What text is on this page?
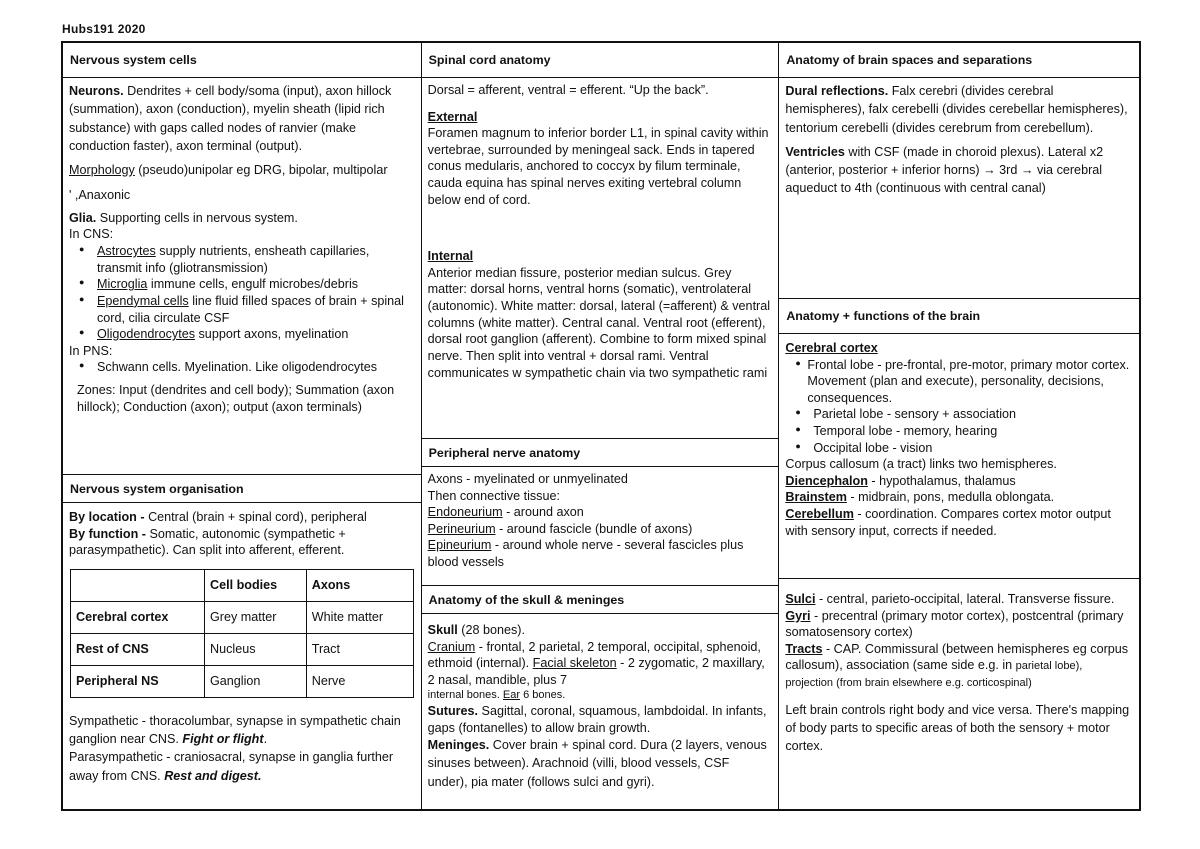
Hubs191 2020
Nervous system cells

Neurons. Dendrites + cell body/soma (input), axon hillock (summation), axon (conduction), myelin sheath (lipid rich substance) with gaps called nodes of ranvier (make conduction faster), axon terminal (output).

Morphology (pseudo)unipolar eg DRG, bipolar, multipolar

' ,Anaxonic

Glia. Supporting cells in nervous system.

In CNS:

● Astrocytes supply nutrients, ensheath capillaries, transmit info (gliotransmission)
● Microglia immune cells, engulf microbes/debris
● Ependymal cells line fluid filled spaces of brain + spinal cord, cilia circulate CSF
● Oligodendrocytes support axons, myelination

In PNS:

● Schwann cells. Myelination. Like oligodendrocytes

Zones: Input (dendrites and cell body); Summation (axon hillock); Conduction (axon); output (axon terminals)

Nervous system organisation

By location - Central (brain + spinal cord), peripheral

By function - Somatic, autonomic (sympathetic + parasympathetic). Can split into afferent, efferent.

	Cell bodies	Axons
Cerebral cortex	Grey matter	White matter
Rest of CNS	Nucleus	Tract
Peripheral NS	Ganglion	Nerve

Sympathetic - thoracolumbar, synapse in sympathetic chain ganglion near CNS. Fight or flight.

Parasympathetic - craniosacral, synapse in ganglia further away from CNS. Rest and digest.

Spinal cord anatomy

Dorsal = afferent, ventral = efferent. “Up the back”.

External

Foramen magnum to inferior border L1, in spinal cavity within vertebrae, surrounded by meningeal sack. Ends in tapered conus medularis, anchored to coccyx by filum terminale, cauda equina has spinal nerves exiting vertebral column below end of cord.

Internal

Anterior median fissure, posterior median sulcus. Grey matter: dorsal horns, ventral horns (somatic), ventrolateral (autonomic). White matter: dorsal, lateral (=afferent) & ventral columns (white matter). Central canal. Ventral root (efferent), dorsal root ganglion (afferent). Combine to form mixed spinal nerve. Then split into ventral + dorsal rami. Ventral communicates w sympathetic chain via two sympathetic rami

Peripheral nerve anatomy

Axons - myelinated or unmyelinated

Then connective tissue:

Endoneurium - around axon

Perineurium - around fascicle (bundle of axons)

Epineurium - around whole nerve - several fascicles plus blood vessels

Anatomy of the skull & meninges

Skull (28 bones).

Cranium - frontal, 2 parietal, 2 temporal, occipital, sphenoid, ethmoid (internal). Facial skeleton - 2 zygomatic, 2 maxillary, 2 nasal, mandible, plus 7

internal bones. Ear 6 bones.

Sutures. Sagittal, coronal, squamous, lambdoidal. In infants, gaps (fontanelles) to allow brain growth.

Meninges. Cover brain + spinal cord. Dura (2 layers, venous sinuses between). Arachnoid (villi, blood vessels, CSF under), pia mater (follows sulci and gyri).

Anatomy of brain spaces and separations

Dural reflections. Falx cerebri (divides cerebral hemispheres), falx cerebelli (divides cerebellar hemispheres), tentorium cerebelli (divides cerebrum from cerebellum).

Ventricles with CSF (made in choroid plexus). Lateral x2 (anterior, posterior + inferior horns) → 3rd → via cerebral aqueduct to 4th (continuous with central canal)

Anatomy + functions of the brain

Cerebral cortex

● Frontal lobe - pre-frontal, pre-motor, primary motor cortex. Movement (plan and execute), personality, decisions, consequences.
● Parietal lobe - sensory + association
● Temporal lobe - memory, hearing
● Occipital lobe - vision

Corpus callosum (a tract) links two hemispheres.

Diencephalon - hypothalamus, thalamus

Brainstem - midbrain, pons, medulla oblongata.

Cerebellum - coordination. Compares cortex motor output with sensory input, corrects if needed.

Sulci - central, parieto-occipital, lateral. Transverse fissure.

Gyri - precentral (primary motor cortex), postcentral (primary somatosensory cortex)

Tracts - CAP. Commissural (between hemispheres eg corpus callosum), association (same side e.g. in parietal lobe), projection (from brain elsewhere e.g. corticospinal)

Left brain controls right body and vice versa. There's mapping of body parts to specific areas of both the sensory + motor cortex.
